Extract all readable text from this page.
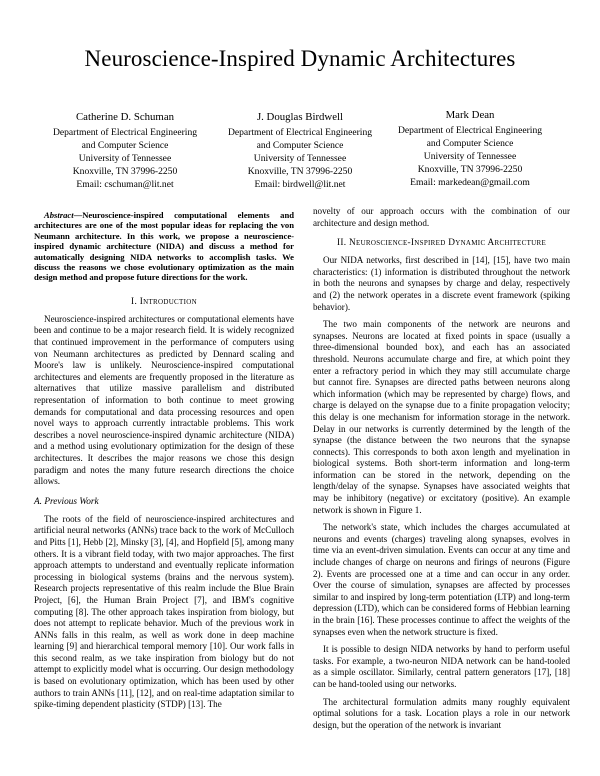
Neuroscience-Inspired Dynamic Architectures
Catherine D. Schuman
Department of Electrical Engineering
and Computer Science
University of Tennessee
Knoxville, TN 37996-2250
Email: cschuman@lit.net
J. Douglas Birdwell
Department of Electrical Engineering
and Computer Science
University of Tennessee
Knoxville, TN 37996-2250
Email: birdwell@lit.net
Mark Dean
Department of Electrical Engineering
and Computer Science
University of Tennessee
Knoxville, TN 37996-2250
Email: markedean@gmail.com

Abstract—Neuroscience-inspired computational elements and architectures are one of the most popular ideas for replacing the von Neumann architecture. In this work, we propose a neuroscience-inspired dynamic architecture (NIDA) and discuss a method for automatically designing NIDA networks to accomplish tasks. We discuss the reasons we chose evolutionary optimization as the main design method and propose future directions for the work.

I. Introduction

Neuroscience-inspired architectures or computational elements have been and continue to be a major research field. It is widely recognized that continued improvement in the performance of computers using von Neumann architectures as predicted by Dennard scaling and Moore's law is unlikely. Neuroscience-inspired computational architectures and elements are frequently proposed in the literature as alternatives that utilize massive parallelism and distributed representation of information to both continue to meet growing demands for computational and data processing resources and open novel ways to approach currently intractable problems. This work describes a novel neuroscience-inspired dynamic architecture (NIDA) and a method using evolutionary optimization for the design of these architectures. It describes the major reasons we chose this design paradigm and notes the many future research directions the choice allows.

A. Previous Work

The roots of the field of neuroscience-inspired architectures and artificial neural networks (ANNs) trace back to the work of McCulloch and Pitts [1], Hebb [2], Minsky [3], [4], and Hopfield [5], among many others. It is a vibrant field today, with two major approaches. The first approach attempts to understand and eventually replicate information processing in biological systems (brains and the nervous system). Research projects representative of this realm include the Blue Brain Project, [6], the Human Brain Project [7], and IBM's cognitive computing [8]. The other approach takes inspiration from biology, but does not attempt to replicate behavior. Much of the previous work in ANNs falls in this realm, as well as work done in deep machine learning [9] and hierarchical temporal memory [10]. Our work falls in this second realm, as we take inspiration from biology but do not attempt to explicitly model what is occurring. Our design methodology is based on evolutionary optimization, which has been used by other authors to train ANNs [11], [12], and on real-time adaptation similar to spike-timing dependent plasticity (STDP) [13]. The

novelty of our approach occurs with the combination of our architecture and design method.

II. Neuroscience-Inspired Dynamic Architecture

Our NIDA networks, first described in [14], [15], have two main characteristics: (1) information is distributed throughout the network in both the neurons and synapses by charge and delay, respectively and (2) the network operates in a discrete event framework (spiking behavior).

The two main components of the network are neurons and synapses. Neurons are located at fixed points in space (usually a three-dimensional bounded box), and each has an associated threshold. Neurons accumulate charge and fire, at which point they enter a refractory period in which they may still accumulate charge but cannot fire. Synapses are directed paths between neurons along which information (which may be represented by charge) flows, and charge is delayed on the synapse due to a finite propagation velocity; this delay is one mechanism for information storage in the network. Delay in our networks is currently determined by the length of the synapse (the distance between the two neurons that the synapse connects). This corresponds to both axon length and myelination in biological systems. Both short-term information and long-term information can be stored in the network, depending on the length/delay of the synapse. Synapses have associated weights that may be inhibitory (negative) or excitatory (positive). An example network is shown in Figure 1.

The network's state, which includes the charges accumulated at neurons and events (charges) traveling along synapses, evolves in time via an event-driven simulation. Events can occur at any time and include changes of charge on neurons and firings of neurons (Figure 2). Events are processed one at a time and can occur in any order. Over the course of simulation, synapses are affected by processes similar to and inspired by long-term potentiation (LTP) and long-term depression (LTD), which can be considered forms of Hebbian learning in the brain [16]. These processes continue to affect the weights of the synapses even when the network structure is fixed.

It is possible to design NIDA networks by hand to perform useful tasks. For example, a two-neuron NIDA network can be hand-tooled as a simple oscillator. Similarly, central pattern generators [17], [18] can be hand-tooled using our networks.

The architectural formulation admits many roughly equivalent optimal solutions for a task. Location plays a role in our network design, but the operation of the network is invariant
